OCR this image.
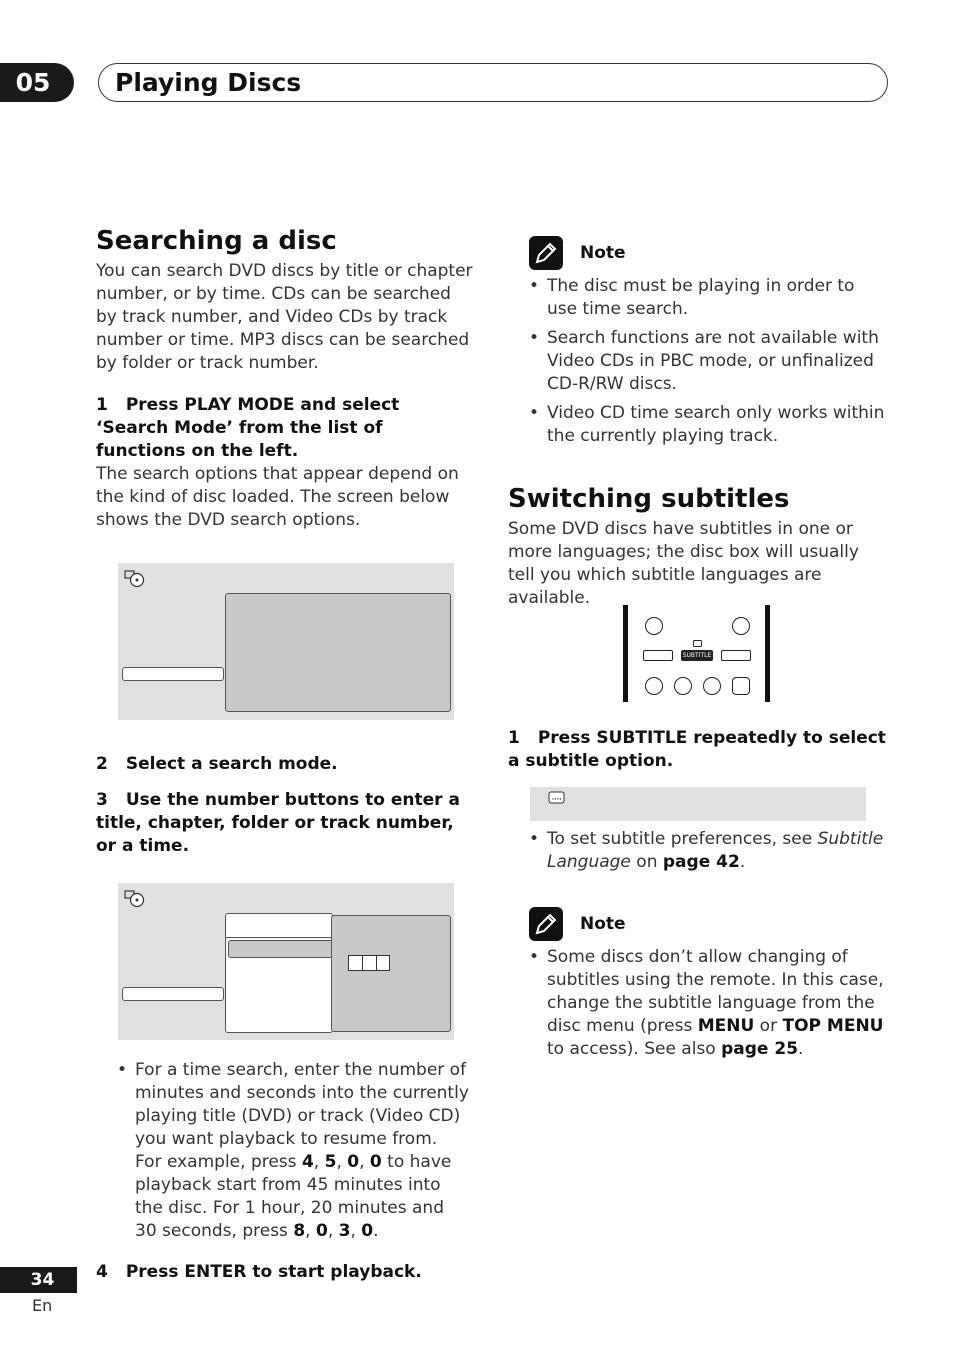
05	Playing Discs
Searching a disc
You can search DVD discs by title or chapter number, or by time. CDs can be searched by track number, and Video CDs by track number or time. MP3 discs can be searched by folder or track number.
1 Press PLAY MODE and select ‘Search Mode’ from the list of functions on the left.
The search options that appear depend on the kind of disc loaded. The screen below shows the DVD search options.
2 Select a search mode.
3 Use the number buttons to enter a title, chapter, folder or track number, or a time.
• For a time search, enter the number of minutes and seconds into the currently playing title (DVD) or track (Video CD) you want playback to resume from. For example, press 4, 5, 0, 0 to have playback start from 45 minutes into the disc. For 1 hour, 20 minutes and 30 seconds, press 8, 0, 3, 0.
4 Press ENTER to start playback.
Note
• The disc must be playing in order to use time search.
• Search functions are not available with Video CDs in PBC mode, or unfinalized CD-R/RW discs.
• Video CD time search only works within the currently playing track.
Switching subtitles
Some DVD discs have subtitles in one or more languages; the disc box will usually tell you which subtitle languages are available.
SUBTITLE
1 Press SUBTITLE repeatedly to select a subtitle option.
• To set subtitle preferences, see Subtitle Language on page 42.
Note
• Some discs don’t allow changing of subtitles using the remote. In this case, change the subtitle language from the disc menu (press MENU or TOP MENU to access). See also page 25.
34
En
